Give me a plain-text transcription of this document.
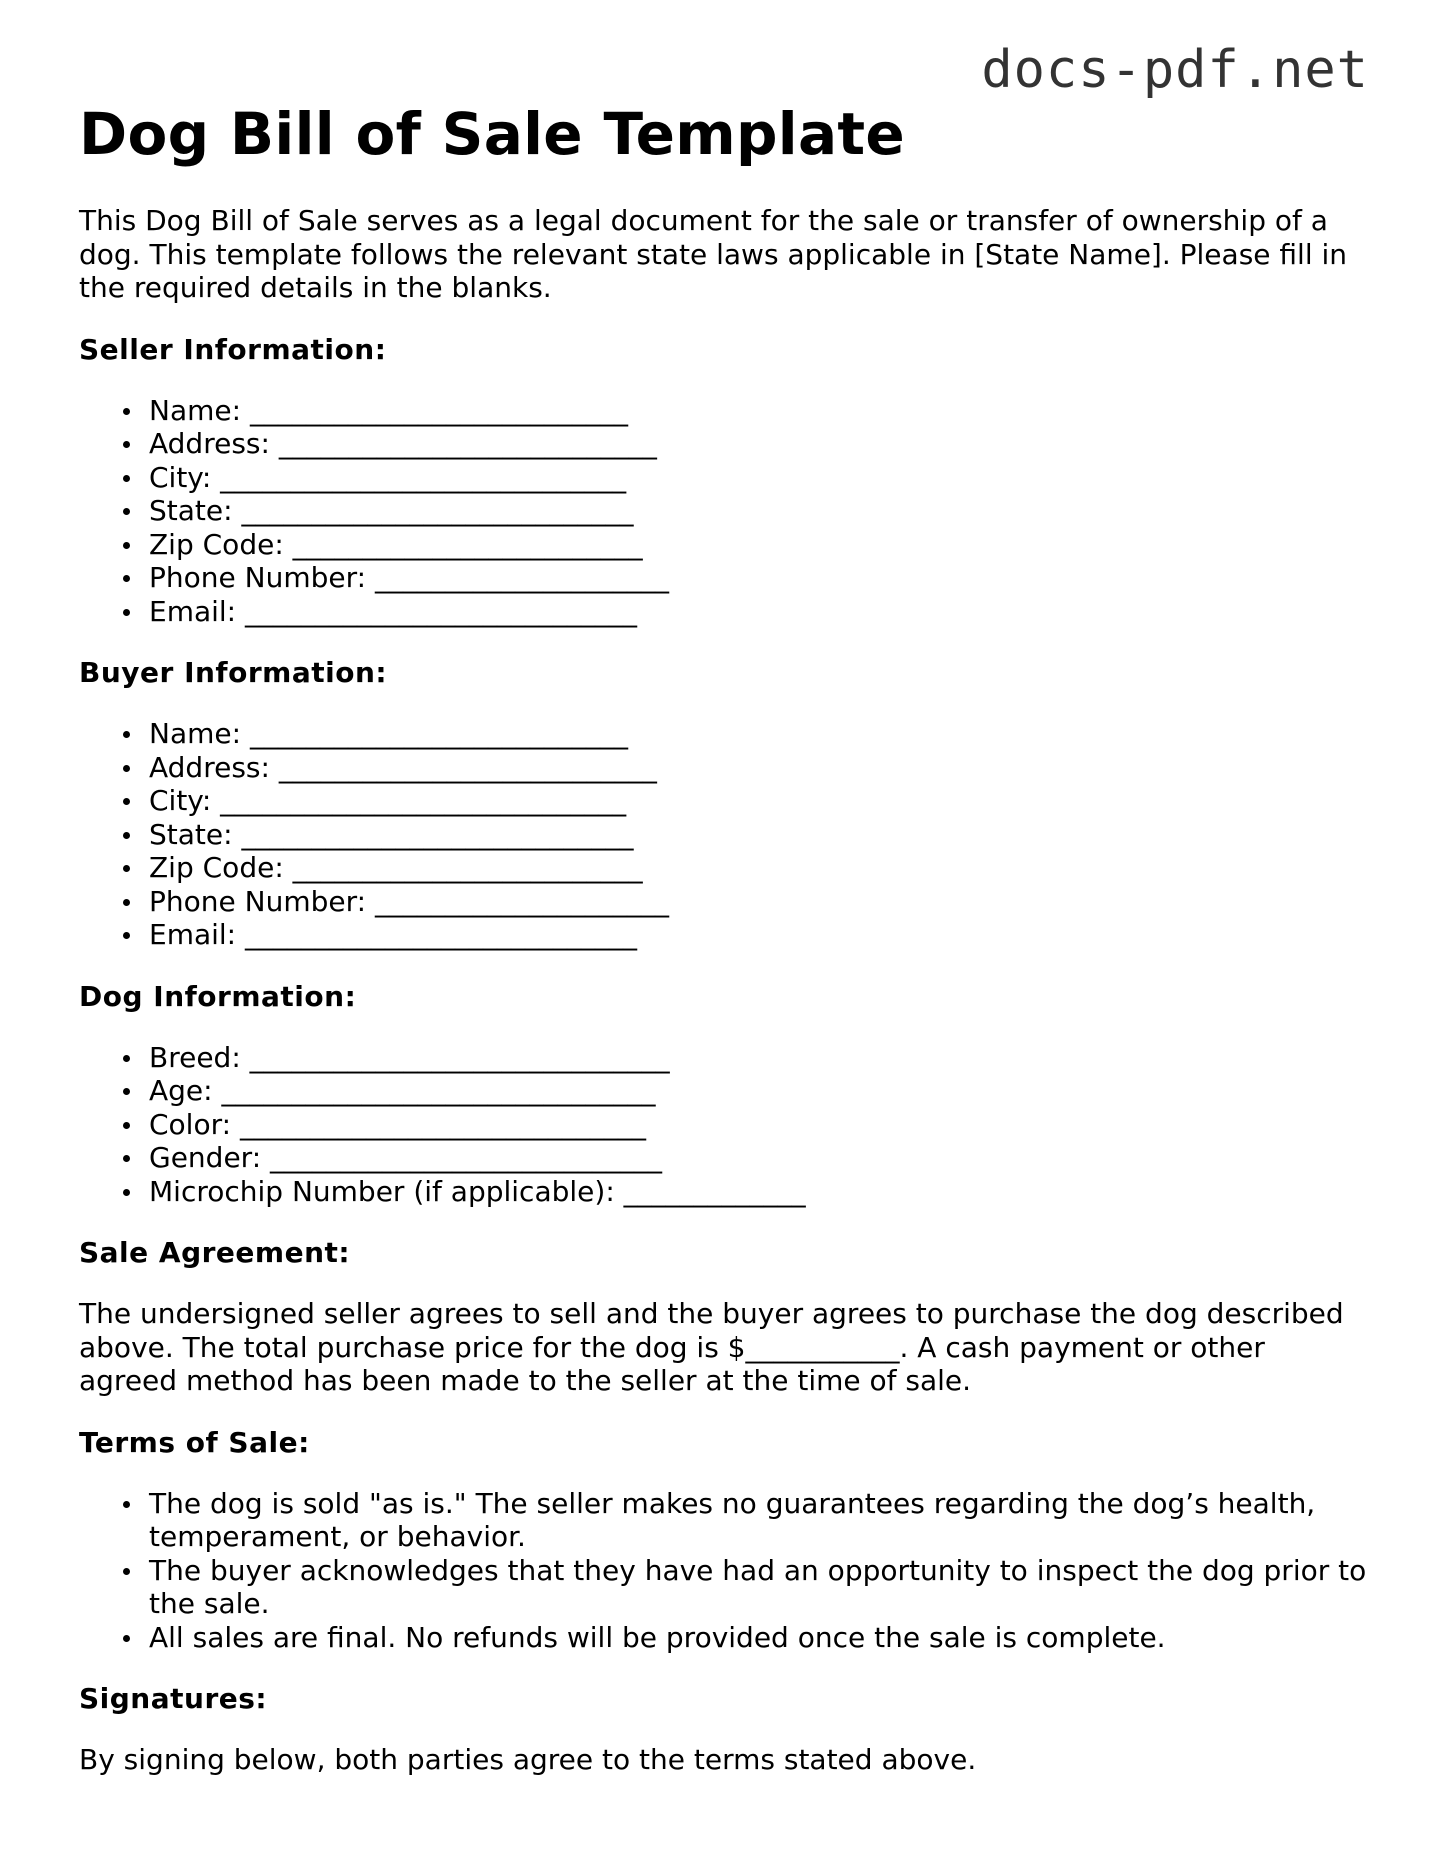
docs-pdf.net
Dog Bill of Sale Template

This Dog Bill of Sale serves as a legal document for the sale or transfer of ownership of a dog. This template follows the relevant state laws applicable in [State Name]. Please fill in the required details in the blanks.

Seller Information:
Name: ___________________________
Address: ___________________________
City: _____________________________
State: ____________________________
Zip Code: _________________________
Phone Number: _____________________
Email: ____________________________
Buyer Information:
Name: ___________________________
Address: ___________________________
City: _____________________________
State: ____________________________
Zip Code: _________________________
Phone Number: _____________________
Email: ____________________________
Dog Information:
Breed: ______________________________
Age: _______________________________
Color: _____________________________
Gender: ____________________________
Microchip Number (if applicable): _____________
Sale Agreement:

The undersigned seller agrees to sell and the buyer agrees to purchase the dog described above. The total purchase price for the dog is $___________. A cash payment or other agreed method has been made to the seller at the time of sale.

Terms of Sale:
The dog is sold "as is." The seller makes no guarantees regarding the dog’s health, temperament, or behavior.
The buyer acknowledges that they have had an opportunity to inspect the dog prior to the sale.
All sales are final. No refunds will be provided once the sale is complete.
Signatures:

By signing below, both parties agree to the terms stated above.
